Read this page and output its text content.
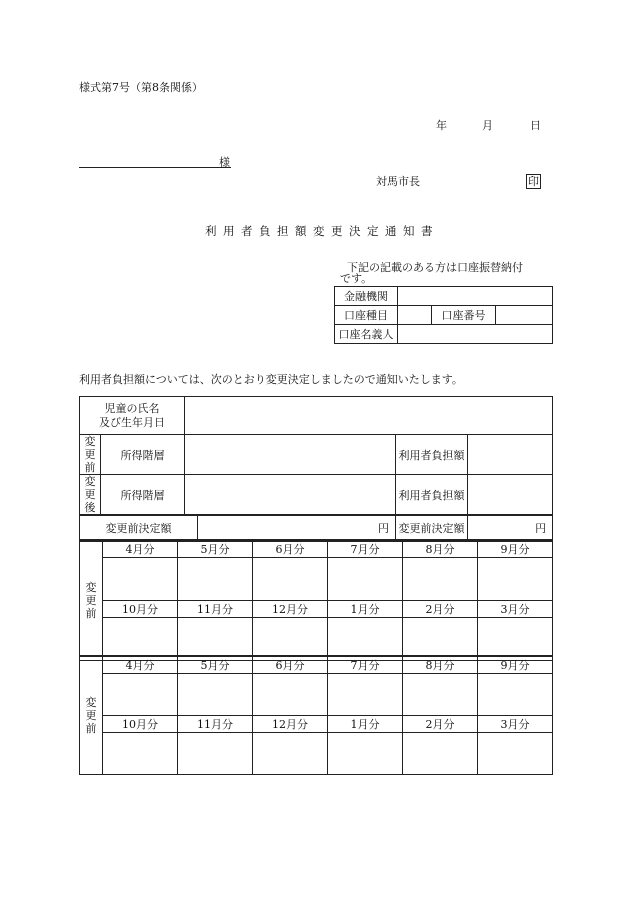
様式第7号（第8条関係）
年	月	日
様
対馬市長	印
利 用 者 負 担 額 変 更 決 定 通 知 書
下記の記載のある方は口座振替納付
です。
金融機関			
口座種目		口座番号	
口座名義人			
利用者負担額については、次のとおり変更決定しましたので通知いたします。
児童の氏名
及び生年月日					

変
更
前	所得階層			利用者負担額	

変
更
後	所得階層			利用者負担額	
変更前決定額			円	変更前決定額	円
変
更
前	4月分	5月分	6月分	7月分	8月分	9月分

	10月分	11月分	12月分	1月分	2月分	3月分

変
更
前	4月分	5月分	6月分	7月分	8月分	9月分

	10月分	11月分	12月分	1月分	2月分	3月分
